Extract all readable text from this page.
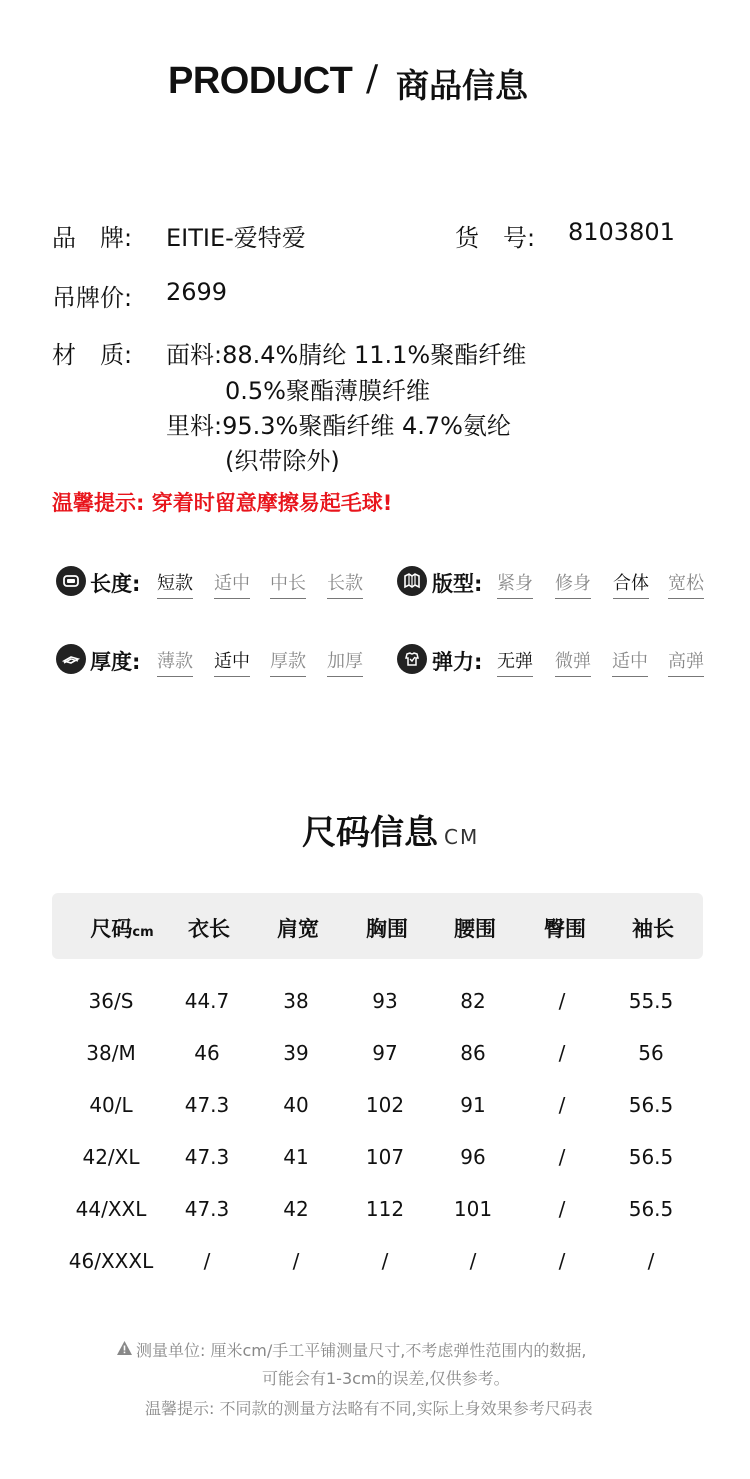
PRODUCT / 商品信息
品　牌: EITIE-爱特爱	货　号: 8103801
吊牌价: 2699
材　质: 面料:88.4%腈纶 11.1%聚酯纤维
0.5%聚酯薄膜纤维
里料:95.3%聚酯纤维 4.7%氨纶
(织带除外)
温馨提示: 穿着时留意摩擦易起毛球!
长度: 短款 适中 中长 长款	版型: 紧身 修身 合体 宽松
厚度: 薄款 适中 厚款 加厚	弹力: 无弹 微弹 适中 高弹
尺码信息 CM
尺码cm	衣长	肩宽	胸围	腰围	臀围	袖长
36/S	44.7	38	93	82	/	55.5
38/M	46	39	97	86	/	56
40/L	47.3	40	102	91	/	56.5
42/XL	47.3	41	107	96	/	56.5
44/XXL	47.3	42	112	101	/	56.5
46/XXXL	/	/	/	/	/	/
测量单位: 厘米cm/手工平铺测量尺寸,不考虑弹性范围内的数据,
可能会有1-3cm的误差,仅供参考。
温馨提示: 不同款的测量方法略有不同,实际上身效果参考尺码表
